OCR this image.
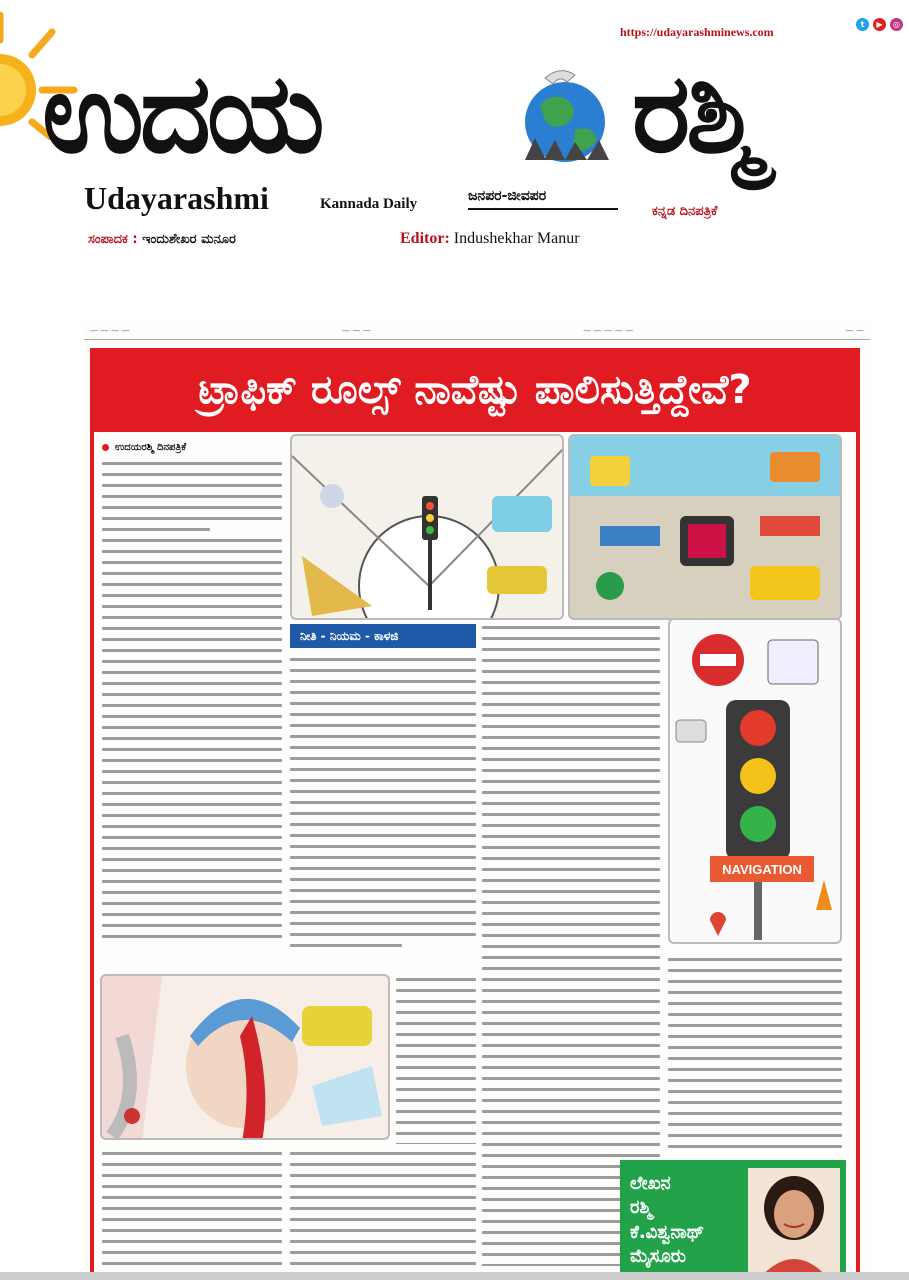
https://udayarashminews.com
t	▶	◎
ಉದಯ	ರಶ್ಮಿ
Udayarashmi	Kannada Daily	ಜನಪರ-ಜೀವಪರ
ಕನ್ನಡ ದಿನಪತ್ರಿಕೆ
ಸಂಪಾದಕ : ಇಂದುಶೇಖರ ಮನೂರ	Editor: Indushekhar Manur
— — — —	— — —	— — — — —	— —
ಟ್ರಾಫಿಕ್ ರೂಲ್ಸ್ ನಾವೆಷ್ಟು ಪಾಲಿಸುತ್ತಿದ್ದೇವೆ?
ಉದಯರಶ್ಮಿ ದಿನಪತ್ರಿಕೆ
ನೀತಿ - ನಿಯಮ - ಕಾಳಜಿ
NAVIGATION
ಲೇಖನ
ರಶ್ಮಿ
ಕೆ.ವಿಶ್ವನಾಥ್
ಮೈಸೂರು
